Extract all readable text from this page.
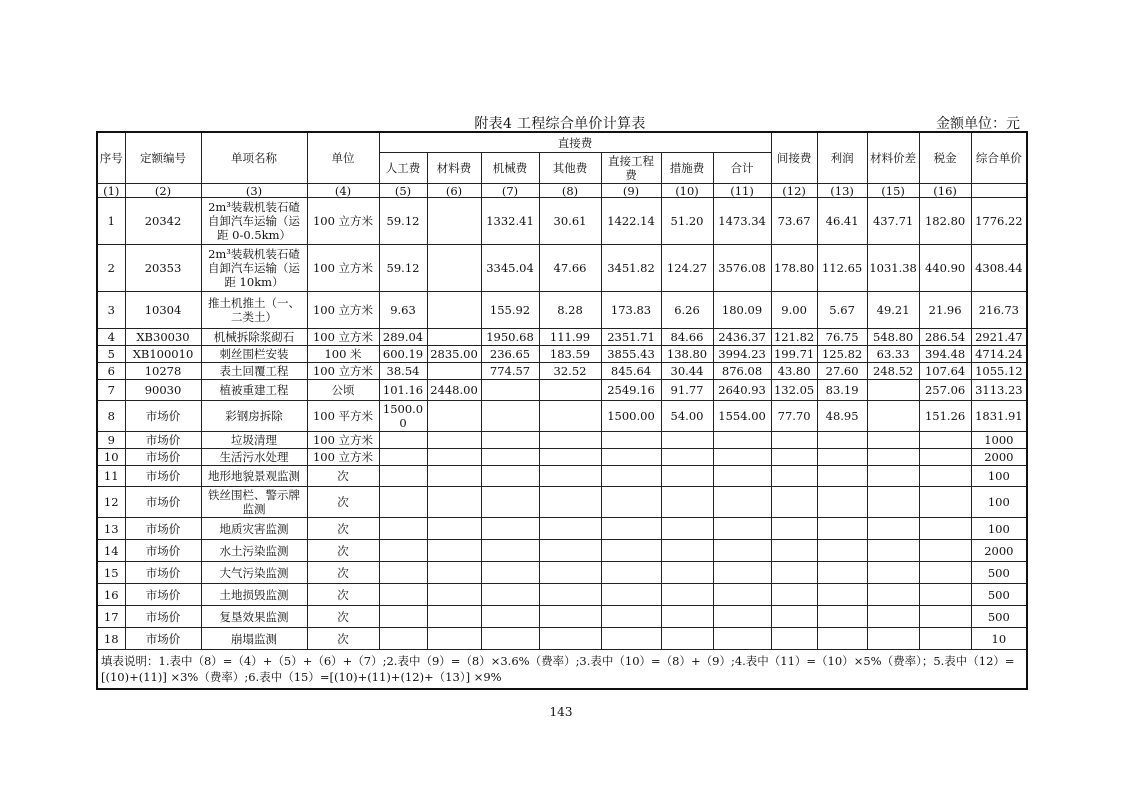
附表4 工程综合单价计算表	金额单位：元
序号	定额编号	单项名称	单位	直接费							间接费	利润	材料价差	税金	综合单价
				人工费	材料费	机械费	其他费	直接工程费	措施费	合计					
(1)	(2)	(3)	(4)	(5)	(6)	(7)	(8)	(9)	(10)	(11)	(12)	(13)	(15)	(16)	
1	20342	2m³装载机装石碴自卸汽车运输（运距 0-0.5km）	100 立方米	59.12		1332.41	30.61	1422.14	51.20	1473.34	73.67	46.41	437.71	182.80	1776.22
2	20353	2m³装载机装石碴自卸汽车运输（运距 10km）	100 立方米	59.12		3345.04	47.66	3451.82	124.27	3576.08	178.80	112.65	1031.38	440.90	4308.44
3	10304	推土机推土（一、二类土）	100 立方米	9.63		155.92	8.28	173.83	6.26	180.09	9.00	5.67	49.21	21.96	216.73
4	XB30030	机械拆除浆砌石	100 立方米	289.04		1950.68	111.99	2351.71	84.66	2436.37	121.82	76.75	548.80	286.54	2921.47
5	XB100010	刺丝围栏安装	100 米	600.19	2835.00	236.65	183.59	3855.43	138.80	3994.23	199.71	125.82	63.33	394.48	4714.24
6	10278	表土回覆工程	100 立方米	38.54		774.57	32.52	845.64	30.44	876.08	43.80	27.60	248.52	107.64	1055.12
7	90030	植被重建工程	公顷	101.16	2448.00			2549.16	91.77	2640.93	132.05	83.19		257.06	3113.23
8	市场价	彩钢房拆除	100 平方米	1500.00				1500.00	54.00	1554.00	77.70	48.95		151.26	1831.91
9	市场价	垃圾清理	100 立方米												1000
10	市场价	生活污水处理	100 立方米												2000
11	市场价	地形地貌景观监测	次												100
12	市场价	铁丝围栏、警示牌监测	次												100
13	市场价	地质灾害监测	次												100
14	市场价	水土污染监测	次												2000
15	市场价	大气污染监测	次												500
16	市场价	土地损毁监测	次												500
17	市场价	复垦效果监测	次												500
18	市场价	崩塌监测	次												10
填表说明：1.表中（8）=（4）+（5）+（6）+（7）;2.表中（9）=（8）×3.6%（费率）;3.表中（10）=（8）+（9）;4.表中（11）=（10）×5%（费率）；5.表中（12）=[(10)+(11)] ×3%（费率）;6.表中（15）=[(10)+(11)+(12)+（13）] ×9%															
143
